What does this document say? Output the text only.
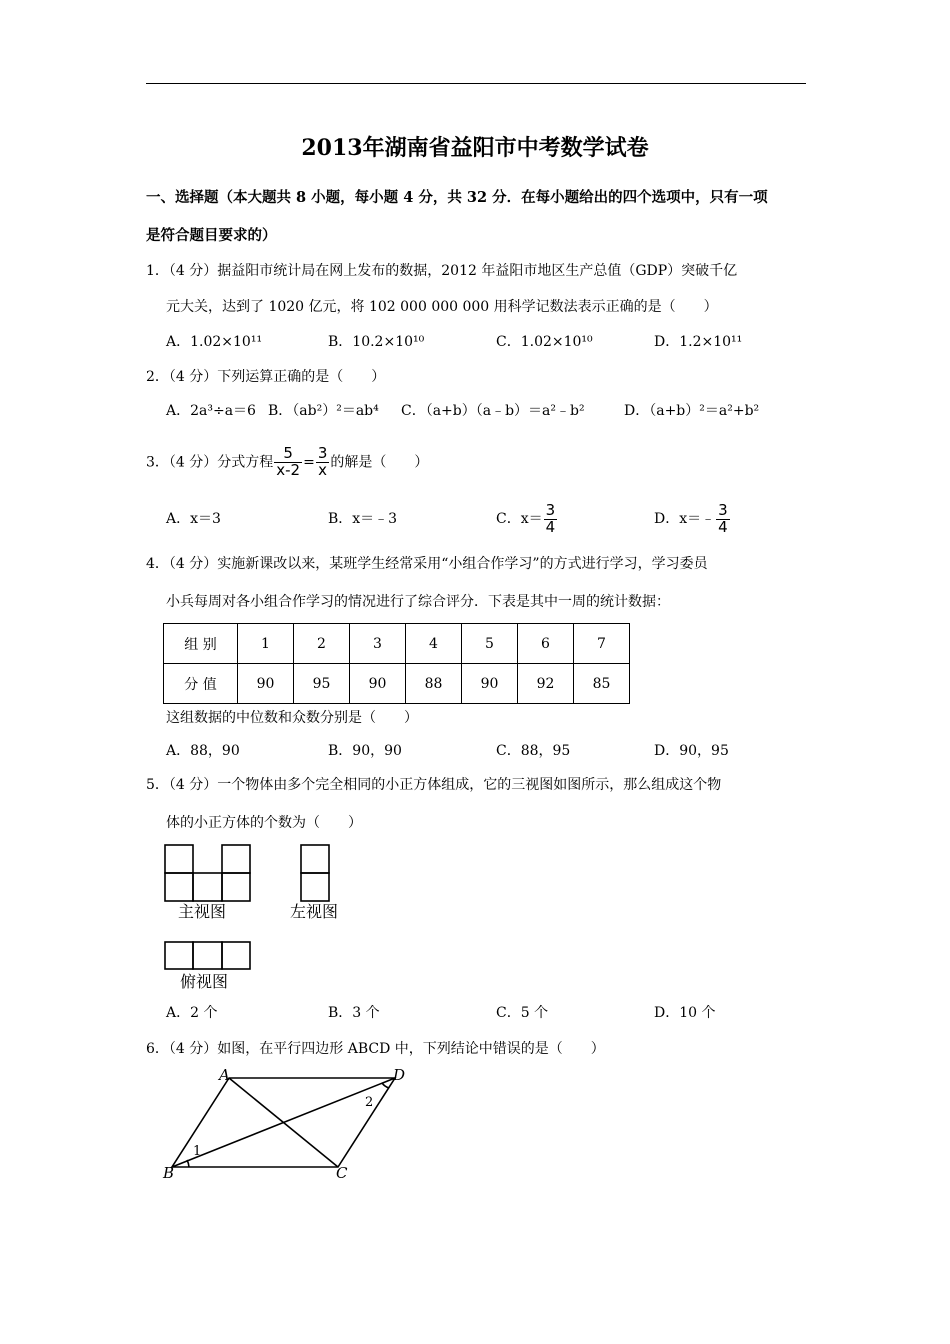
2013年湖南省益阳市中考数学试卷
一、选择题（本大题共 8 小题，每小题 4 分，共 32 分．在每小题给出的四个选项中，只有一项
是符合题目要求的）
1．（4 分）据益阳市统计局在网上发布的数据，2012 年益阳市地区生产总值（GDP）突破千亿
元大关，达到了 1020 亿元，将 102 000 000 000 用科学记数法表示正确的是（　　）
A．1.02×10¹¹	B．10.2×10¹⁰	C．1.02×10¹⁰	D．1.2×10¹¹
2．（4 分）下列运算正确的是（　　）
A．2a³÷a＝6 B．（ab²）²＝ab⁴ C．（a+b）（a﹣b）＝a²﹣b²	D．（a+b）²＝a²+b²
3．（4 分）分式方程 $\frac{5}{x-2} = \frac{3}{x}$ 的解是（　　）
A．x＝3	B．x＝﹣3	C．$x= \frac{3}{4}$	D．x＝﹣ $\frac{3}{4}$
4．（4 分）实施新课改以来，某班学生经常采用“小组合作学习”的方式进行学习，学习委员
小兵每周对各小组合作学习的情况进行了综合评分．下表是其中一周的统计数据：
组 别	1	2	3	4	5	6	7
分 值	90	95	90	88	90	92	85
这组数据的中位数和众数分别是（　　）
A．88，90	B．90，90	C．88，95	D．90，95
5．（4 分）一个物体由多个完全相同的小正方体组成，它的三视图如图所示，那么组成这个物
体的小正方体的个数为（　　）
主视图	左视图
俯视图
A．2 个	B．3 个	C．5 个	D．10 个
6．（4 分）如图，在平行四边形 ABCD 中，下列结论中错误的是（　　）
A	D
B	C
1
2
